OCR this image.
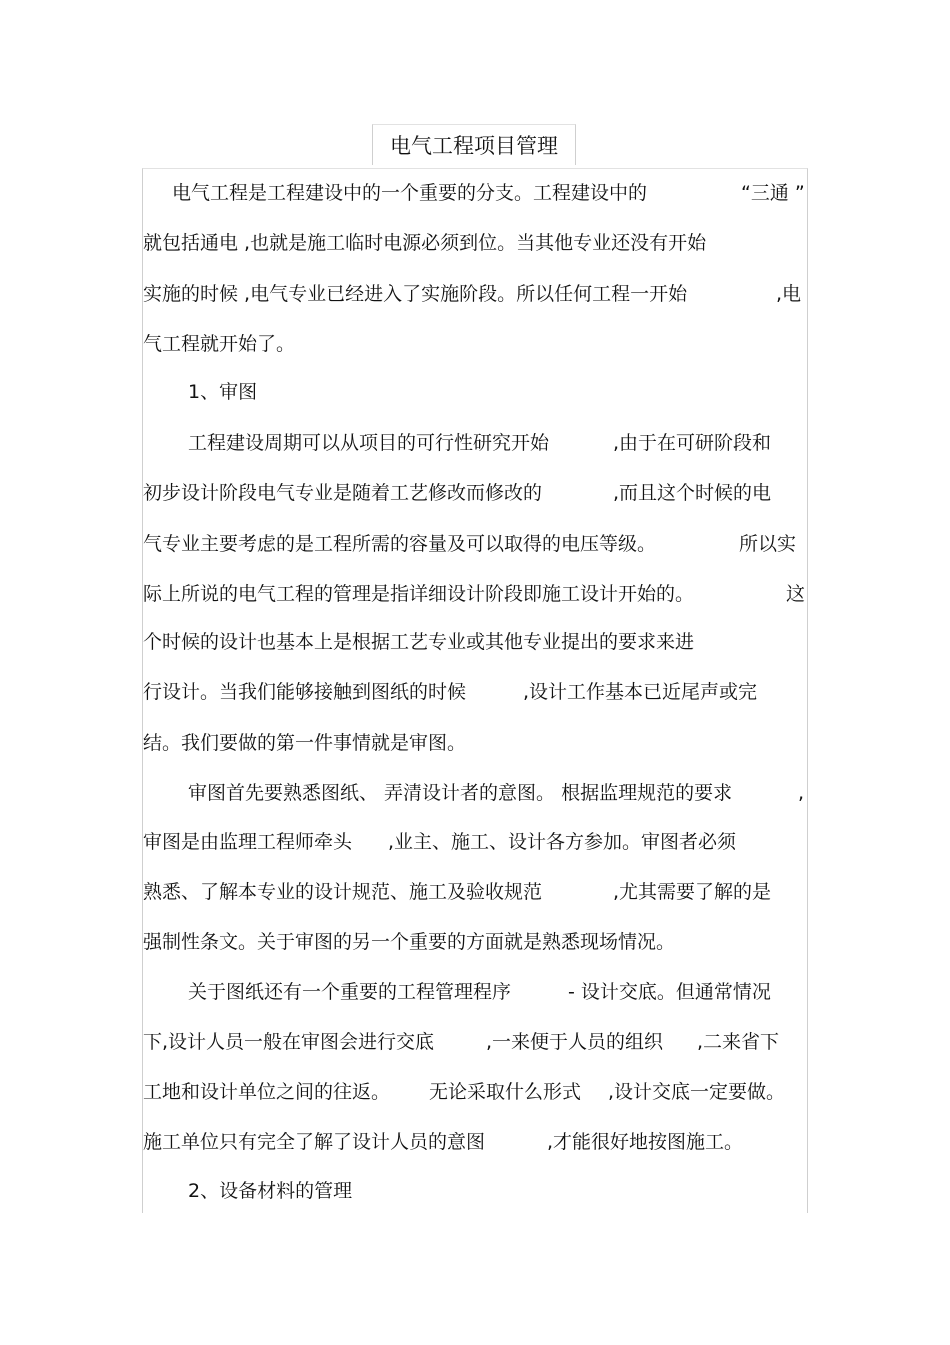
电气工程项目管理
电气工程是工程建设中的一个重要的分支。工程建设中的	“三通 ”
就包括通电 ,也就是施工临时电源必须到位。当其他专业还没有开始
实施的时候 ,电气专业已经进入了实施阶段。所以任何工程一开始	,电
气工程就开始了。
1、审图
工程建设周期可以从项目的可行性研究开始	,由于在可研阶段和
初步设计阶段电气专业是随着工艺修改而修改的	,而且这个时候的电
气专业主要考虑的是工程所需的容量及可以取得的电压等级。	所以实
际上所说的电气工程的管理是指详细设计阶段即施工设计开始的。	这
个时候的设计也基本上是根据工艺专业或其他专业提出的要求来进
行设计。当我们能够接触到图纸的时候	,设计工作基本已近尾声或完
结。我们要做的第一件事情就是审图。
审图首先要熟悉图纸、 弄清设计者的意图。 根据监理规范的要求	,
审图是由监理工程师牵头 ,业主、施工、设计各方参加。审图者必须
熟悉、了解本专业的设计规范、施工及验收规范	,尤其需要了解的是
强制性条文。关于审图的另一个重要的方面就是熟悉现场情况。
关于图纸还有一个重要的工程管理程序	- 设计交底。但通常情况
下,设计人员一般在审图会进行交底	,一来便于人员的组织 ,二来省下
工地和设计单位之间的往返。 无论采取什么形式 ,设计交底一定要做。
施工单位只有完全了解了设计人员的意图	,才能很好地按图施工。
2、设备材料的管理
